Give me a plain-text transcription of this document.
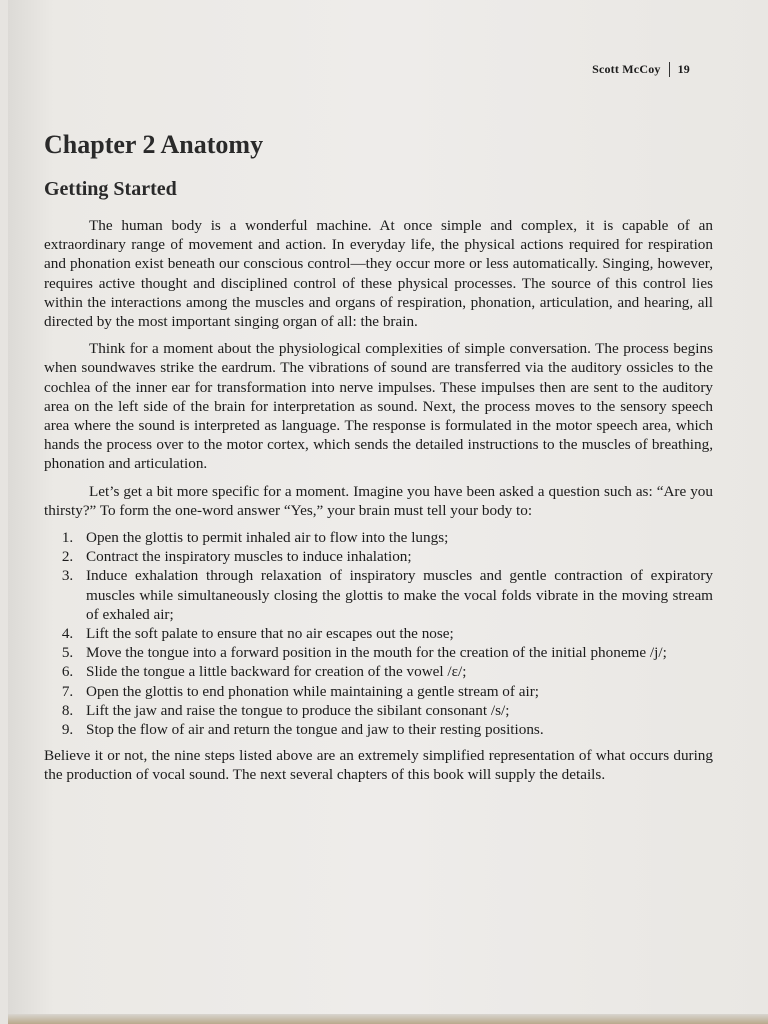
Scott McCoy 19
Chapter 2 Anatomy
Getting Started

The human body is a wonderful machine. At once simple and complex, it is capable of an extraordinary range of movement and action. In everyday life, the physical actions required for respiration and phonation exist beneath our conscious control—they occur more or less automatically. Singing, however, requires active thought and disciplined control of these physical processes. The source of this control lies within the interactions among the muscles and organs of respiration, phonation, articulation, and hearing, all directed by the most important singing organ of all: the brain.

Think for a moment about the physiological complexities of simple conversation. The process begins when soundwaves strike the eardrum. The vibrations of sound are transferred via the auditory ossicles to the cochlea of the inner ear for transformation into nerve impulses. These impulses then are sent to the auditory area on the left side of the brain for interpretation as sound. Next, the process moves to the sensory speech area where the sound is interpreted as language. The response is formulated in the motor speech area, which hands the process over to the motor cortex, which sends the detailed instructions to the muscles of breathing, phonation and articulation.

Let’s get a bit more specific for a moment. Imagine you have been asked a question such as: “Are you thirsty?” To form the one-word answer “Yes,” your brain must tell your body to:

1. Open the glottis to permit inhaled air to flow into the lungs;
2. Contract the inspiratory muscles to induce inhalation;
3. Induce exhalation through relaxation of inspiratory muscles and gentle contraction of expiratory muscles while simultaneously closing the glottis to make the vocal folds vibrate in the moving stream of exhaled air;
4. Lift the soft palate to ensure that no air escapes out the nose;
5. Move the tongue into a forward position in the mouth for the creation of the initial phoneme /j/;
6. Slide the tongue a little backward for creation of the vowel /ɛ/;
7. Open the glottis to end phonation while maintaining a gentle stream of air;
8. Lift the jaw and raise the tongue to produce the sibilant consonant /s/;
9. Stop the flow of air and return the tongue and jaw to their resting positions.

Believe it or not, the nine steps listed above are an extremely simplified representation of what occurs during the production of vocal sound. The next several chapters of this book will supply the details.
